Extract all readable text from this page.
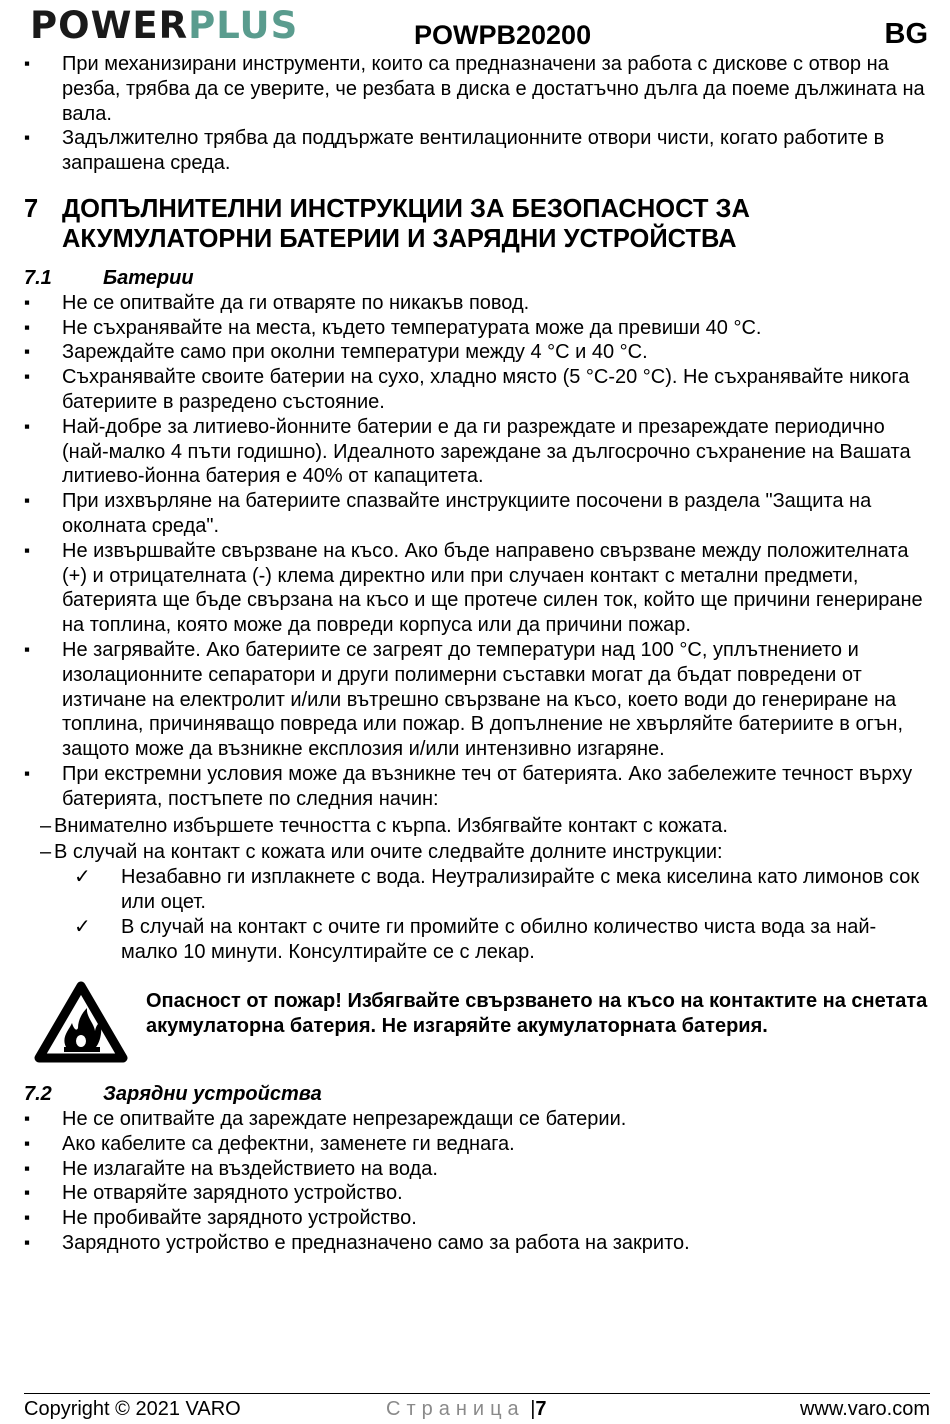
POWERPLUS	POWPB20200	BG
▪ При механизирани инструменти, които са предназначени за работа с дискове с отвор на резба, трябва да се уверите, че резбата в диска е достатъчно дълга да поеме дължината на вала.
▪ Задължително трябва да поддържате вентилационните отвори чисти, когато работите в запрашена среда.
7 ДОПЪЛНИТЕЛНИ ИНСТРУКЦИИ ЗА БЕЗОПАСНОСТ ЗА АКУМУЛАТОРНИ БАТЕРИИ И ЗАРЯДНИ УСТРОЙСТВА
7.1	Батерии
▪ Не се опитвайте да ги отваряте по никакъв повод.
▪ Не съхранявайте на места, където температурата може да превиши 40 °C.
▪ Зареждайте само при околни температури между 4 °C и 40 °C.
▪ Съхранявайте своите батерии на сухо, хладно място (5 °C-20 °C). Не съхранявайте никога батериите в разредено състояние.
▪ Най-добре за литиево-йонните батерии е да ги разреждате и презареждате периодично (най-малко 4 пъти годишно). Идеалното зареждане за дългосрочно съхранение на Вашата литиево-йонна батерия е 40% от капацитета.
▪ При изхвърляне на батериите спазвайте инструкциите посочени в раздела "Защита на околната среда".
▪ Не извършвайте свързване на късо. Ако бъде направено свързване между положителната (+) и отрицателната (-) клема директно или при случаен контакт с метални предмети, батерията ще бъде свързана на късо и ще протече силен ток, който ще причини генериране на топлина, която може да повреди корпуса или да причини пожар.
▪ Не загрявайте. Ако батериите се загреят до температури над 100 °C, уплътнението и изолационните сепаратори и други полимерни съставки могат да бъдат повредени от изтичане на електролит и/или вътрешно свързване на късо, което води до генериране на топлина, причиняващо повреда или пожар. В допълнение не хвърляйте батериите в огън, защото може да възникне експлозия и/или интензивно изгаряне.
▪ При екстремни условия може да възникне теч от батерията. Ако забележите течност върху батерията, постъпете по следния начин:
– Внимателно избършете течността с кърпа. Избягвайте контакт с кожата.
– В случай на контакт с кожата или очите следвайте долните инструкции:
✓ Незабавно ги изплакнете с вода. Неутрализирайте с мека киселина като лимонов сок или оцет.
✓ В случай на контакт с очите ги промийте с обилно количество чиста вода за най-малко 10 минути. Консултирайте се с лекар.
Опасност от пожар! Избягвайте свързването на късо на контактите на снетата акумулаторна батерия. Не изгаряйте акумулаторната батерия.
7.2	Зарядни устройства
▪ Не се опитвайте да зареждате непрезареждащи се батерии.
▪ Ако кабелите са дефектни, заменете ги веднага.
▪ Не излагайте на въздействието на вода.
▪ Не отваряйте зарядното устройство.
▪ Не пробивайте зарядното устройство.
▪ Зарядното устройство е предназначено само за работа на закрито.
Copyright © 2021 VARO	Страница |7	www.varo.com
